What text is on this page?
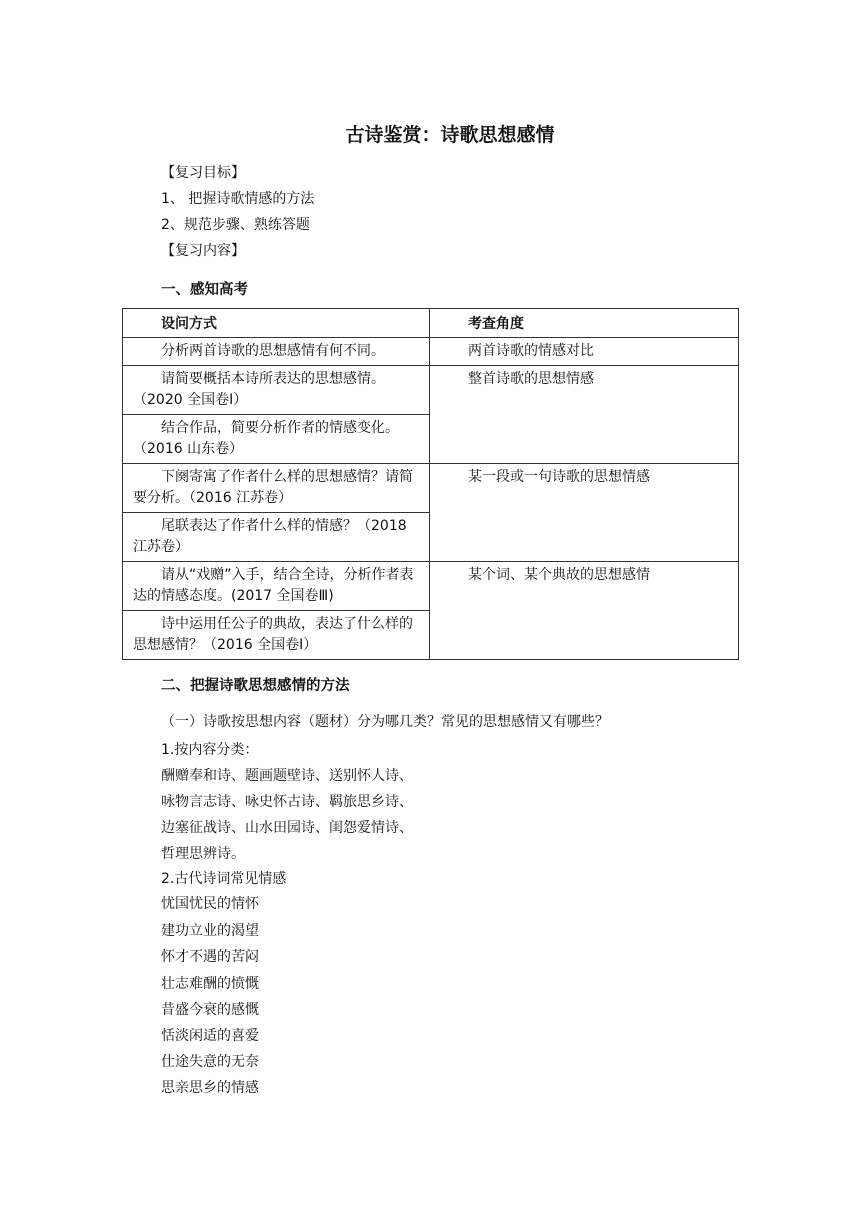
古诗鉴赏：诗歌思想感情
【复习目标】
1、 把握诗歌情感的方法
2、规范步骤、熟练答题
【复习内容】
一、感知高考
设问方式	考查角度
分析两首诗歌的思想感情有何不同。	两首诗歌的情感对比
请简要概括本诗所表达的思想感情。（2020 全国卷Ⅰ）	整首诗歌的思想情感
结合作品，简要分析作者的情感变化。（2016 山东卷）	
下阕寄寓了作者什么样的思想感情？请简要分析。（2016 江苏卷）	某一段或一句诗歌的思想情感
尾联表达了作者什么样的情感？（2018 江苏卷）	
请从“戏赠”入手，结合全诗，分析作者表达的情感态度。(2017 全国卷Ⅲ)	某个词、某个典故的思想感情
诗中运用任公子的典故，表达了什么样的思想感情？（2016 全国卷Ⅰ）	
二、把握诗歌思想感情的方法
（一）诗歌按思想内容（题材）分为哪几类？常见的思想感情又有哪些？
1.按内容分类：
酬赠奉和诗、题画题壁诗、送别怀人诗、
咏物言志诗、咏史怀古诗、羁旅思乡诗、
边塞征战诗、山水田园诗、闺怨爱情诗、
哲理思辨诗。
2.古代诗词常见情感
忧国忧民的情怀
建功立业的渴望
怀才不遇的苦闷
壮志难酬的愤慨
昔盛今衰的感慨
恬淡闲适的喜爱
仕途失意的无奈
思亲思乡的情感
